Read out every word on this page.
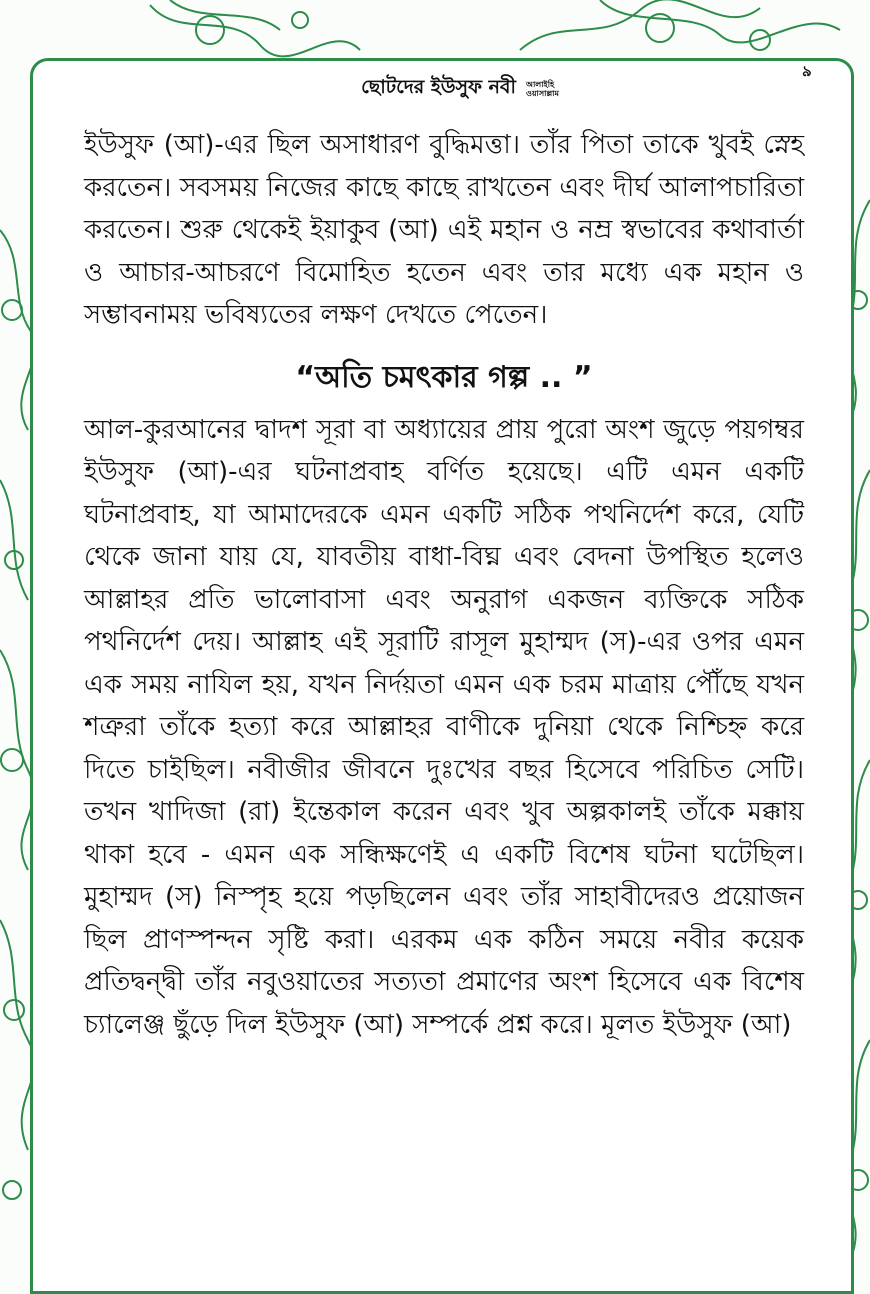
ছোটদের ইউসুফ নবী আলাইহি
ওয়াসাল্লাম
৯

ইউসুফ (আ)-এর ছিল অসাধারণ বুদ্ধিমত্তা। তাঁর পিতা তাকে খুবই স্নেহ করতেন। সবসময় নিজের কাছে কাছে রাখতেন এবং দীর্ঘ আলাপচারিতা করতেন। শুরু থেকেই ইয়াকুব (আ) এই মহান ও নম্র স্বভাবের কথাবার্তা ও আচার-আচরণে বিমোহিত হতেন এবং তার মধ্যে এক মহান ও সম্ভাবনাময় ভবিষ্যতের লক্ষণ দেখতে পেতেন।

“অতি চমৎকার গল্প .. ”

আল-কুরআনের দ্বাদশ সূরা বা অধ্যায়ের প্রায় পুরো অংশ জুড়ে পয়গম্বর ইউসুফ (আ)-এর ঘটনাপ্রবাহ বর্ণিত হয়েছে। এটি এমন একটি ঘটনাপ্রবাহ, যা আমাদেরকে এমন একটি সঠিক পথনির্দেশ করে, যেটি থেকে জানা যায় যে, যাবতীয় বাধা-বিঘ্ন এবং বেদনা উপস্থিত হলেও আল্লাহর প্রতি ভালোবাসা এবং অনুরাগ একজন ব্যক্তিকে সঠিক পথনির্দেশ দেয়। আল্লাহ এই সূরাটি রাসূল মুহাম্মদ (স)-এর ওপর এমন এক সময় নাযিল হয়, যখন নির্দয়তা এমন এক চরম মাত্রায় পৌঁছে যখন শত্রুরা তাঁকে হত্যা করে আল্লাহর বাণীকে দুনিয়া থেকে নিশ্চিহ্ন করে দিতে চাইছিল। নবীজীর জীবনে দুঃখের বছর হিসেবে পরিচিত সেটি। তখন খাদিজা (রা) ইন্তেকাল করেন এবং খুব অল্পকালই তাঁকে মক্কায় থাকা হবে - এমন এক সন্ধিক্ষণেই এ একটি বিশেষ ঘটনা ঘটেছিল। মুহাম্মদ (স) নিস্পৃহ হয়ে পড়ছিলেন এবং তাঁর সাহাবীদেরও প্রয়োজন ছিল প্রাণস্পন্দন সৃষ্টি করা। এরকম এক কঠিন সময়ে নবীর কয়েক প্রতিদ্বন্দ্বী তাঁর নবুওয়াতের সত্যতা প্রমাণের অংশ হিসেবে এক বিশেষ চ্যালেঞ্জ ছুঁড়ে দিল ইউসুফ (আ) সম্পর্কে প্রশ্ন করে। মূলত ইউসুফ (আ)
